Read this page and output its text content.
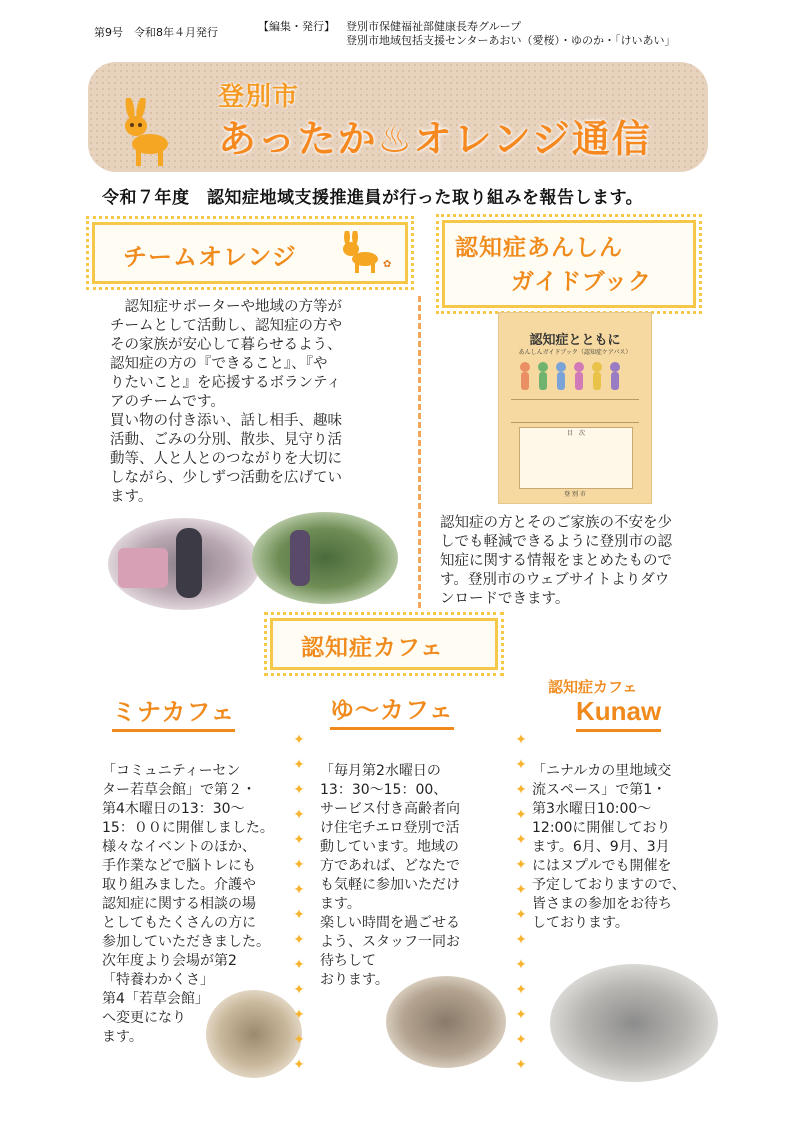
第9号　令和8年４月発行	【編集・発行】 登別市保健福祉部健康長寿グループ
登別市地域包括支援センターあおい（愛桜）・ゆのか・「けいあい」
登別市
あったか♨オレンジ通信
令和７年度　認知症地域支援推進員が行った取り組みを報告します。
チームオレンジ	✿
　認知症サポーターや地域の方等が
チームとして活動し、認知症の方や
その家族が安心して暮らせるよう、
認知症の方の『できること』、『や
りたいこと』を応援するボランティ
アのチームです。
買い物の付き添い、話し相手、趣味
活動、ごみの分別、散歩、見守り活
動等、人と人とのつながりを大切に
しながら、少しずつ活動を広げてい
ます。
認知症あんしん
ガイドブック
認知症とともに
あんしんガイドブック（認知症ケアパス）
目　次
登 別 市
認知症の方とそのご家族の不安を少
しでも軽減できるように登別市の認
知症に関する情報をまとめたもので
す。登別市のウェブサイトよりダウ
ンロードできます。
認知症カフェ
ミナカフェ
「コミュニティーセン
ター若草会館」で第２・
第4木曜日の13：30～
15：００に開催しました。
様々なイベントのほか、
手作業などで脳トレにも
取り組みました。介護や
認知症に関する相談の場
としてもたくさんの方に
参加していただきました。
次年度より会場が第2
「特養わかくさ」
第4「若草会館」
へ変更になり
ます。
✦
✦
✦
✦
✦
✦
✦
✦
✦
✦
✦
✦
✦
✦
ゆ～カフェ
「毎月第2水曜日の
13：30～15：00、
サービス付き高齢者向
け住宅チエロ登別で活
動しています。地域の
方であれば、どなたで
も気軽に参加いただけ
ます。
楽しい時間を過ごせる
よう、スタッフ一同お
待ちして
おります。
✦
✦
✦
✦
✦
✦
✦
✦
✦
✦
✦
✦
✦
✦
認知症カフェ
Kunaw
「ニナルカの里地域交
流スペース」で第1・
第3水曜日10:00～
12:00に開催しており
ます。6月、9月、3月
にはヌプルでも開催を
予定しておりますので、
皆さまの参加をお待ち
しております。
